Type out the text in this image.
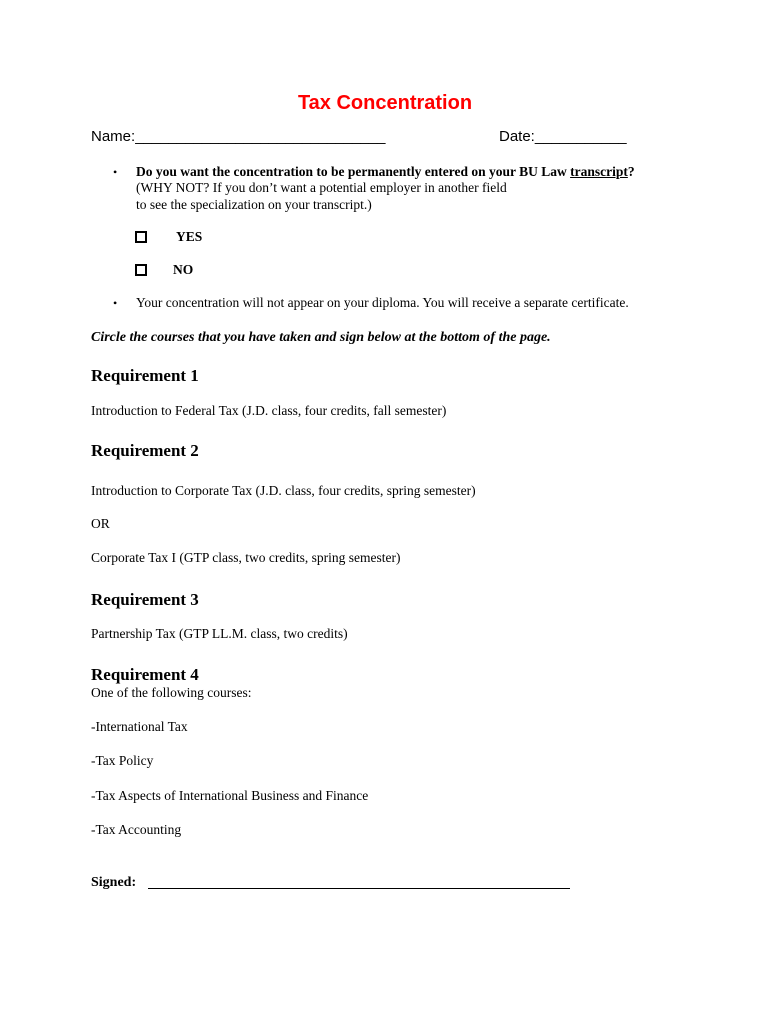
Tax Concentration
Name:______________________________	Date:___________
• Do you want the concentration to be permanently entered on your BU Law transcript?
(WHY NOT? If you don’t want a potential employer in another field
to see the specialization on your transcript.)
YES
NO
• Your concentration will not appear on your diploma. You will receive a separate certificate.
Circle the courses that you have taken and sign below at the bottom of the page.
Requirement 1
Introduction to Federal Tax (J.D. class, four credits, fall semester)
Requirement 2
Introduction to Corporate Tax (J.D. class, four credits, spring semester)
OR
Corporate Tax I (GTP class, two credits, spring semester)
Requirement 3
Partnership Tax (GTP LL.M. class, two credits)
Requirement 4
One of the following courses:
-International Tax
-Tax Policy
-Tax Aspects of International Business and Finance
-Tax Accounting
Signed:
